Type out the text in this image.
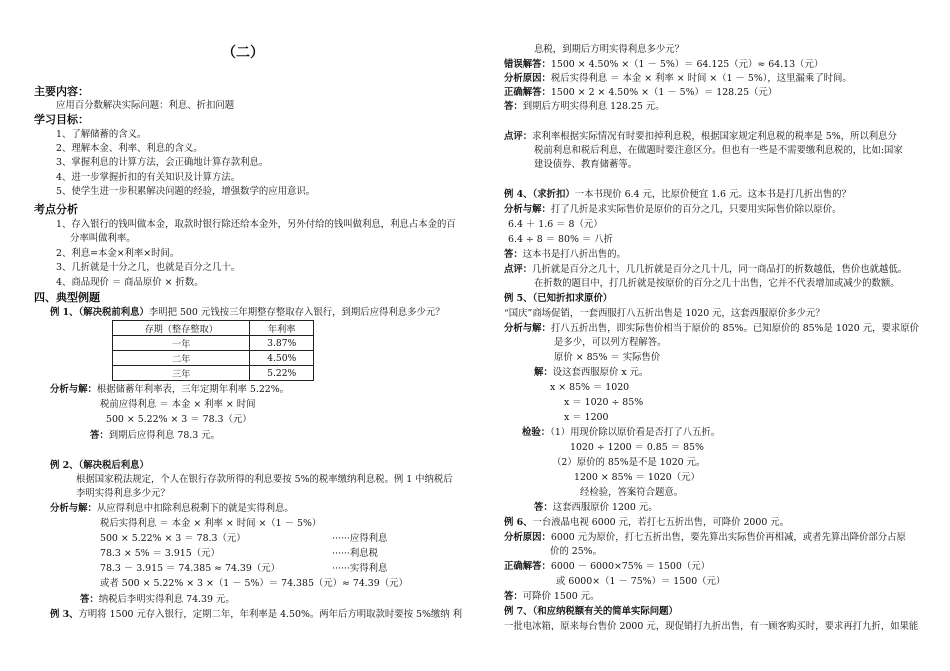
（二）
主要内容：
应用百分数解决实际问题：利息、折扣问题
学习目标：
1、了解储蓄的含义。
2、理解本金、利率、利息的含义。
3、掌握利息的计算方法，会正确地计算存款利息。
4、进一步掌握折扣的有关知识及计算方法。
5、使学生进一步积累解决问题的经验，增强数学的应用意识。
考点分析
1、存入银行的钱叫做本金，取款时银行除还给本金外，另外付给的钱叫做利息，利息占本金的百
分率叫做利率。
2、利息=本金×利率×时间。
3、几折就是十分之几，也就是百分之几十。
4、商品现价 ＝ 商品原价 × 折数。
四、典型例题
例 1、（解决税前利息）李明把 500 元钱按三年期整存整取存入银行，到期后应得利息多少元？
存期（整存整取）	年利率
一年	3.87%
二年	4.50%
三年	5.22%
分析与解：根据储蓄年利率表，三年定期年利率 5.22%。
税前应得利息 ＝ 本金 × 利率 × 时间
500 × 5.22% × 3 ＝ 78.3（元）
答：到期后应得利息 78.3 元。
例 2、（解决税后利息）
根据国家税法规定，个人在银行存款所得的利息要按 5%的税率缴纳利息税。例 1 中纳税后
李明实得利息多少元？
分析与解：从应得利息中扣除利息税剩下的就是实得利息。
税后实得利息 ＝ 本金 × 利率 × 时间 ×（1 － 5%）
500 × 5.22% × 3 ＝ 78.3（元）	······应得利息
78.3 × 5% ＝ 3.915（元）	······利息税
78.3 － 3.915 ＝ 74.385 ≈ 74.39（元）	······实得利息
或者 500 × 5.22% × 3 ×（1 － 5%）＝ 74.385（元）≈ 74.39（元）
答：纳税后李明实得利息 74.39 元。
例 3、方明将 1500 元存入银行，定期二年，年利率是 4.50%。两年后方明取款时要按 5%缴纳 利
息税，到期后方明实得利息多少元？
错误解答：1500 × 4.50% ×（1 － 5%）＝ 64.125（元）≈ 64.13（元）
分析原因：税后实得利息 ＝ 本金 × 利率 × 时间 ×（1 － 5%），这里漏乘了时间。
正确解答：1500 × 2 × 4.50% ×（1 － 5%）＝ 128.25（元）
答：到期后方明实得利息 128.25 元。
点评：求利率根据实际情况有时要扣掉利息税，根据国家规定利息税的税率是 5%，所以利息分
税前利息和税后利息，在做题时要注意区分。但也有一些是不需要缴利息税的，比如:国家
建设债券、教育储蓄等。
例 4、（求折扣）一本书现价 6.4 元，比原价便宜 1.6 元。这本书是打几折出售的？
分析与解：打了几折是求实际售价是原价的百分之几，只要用实际售价除以原价。
6.4 ＋ 1.6 ＝ 8（元）
6.4 ÷ 8 ＝ 80% ＝ 八折
答：这本书是打八折出售的。
点评：几折就是百分之几十，几几折就是百分之几十几，同一商品打的折数越低，售价也就越低。
在折数的题目中，打几折就是按原价的百分之几十出售，它并不代表增加或减少的数额。
例 5、（已知折扣求原价）
“国庆”商场促销，一套西服打八五折出售是 1020 元，这套西服原价多少元？
分析与解：打八五折出售，即实际售价相当于原价的 85%。已知原价的 85%是 1020 元，要求原价
是多少，可以列方程解答。
原价 × 85% ＝ 实际售价
解：设这套西服原价 x 元。
x × 85% ＝ 1020
x ＝ 1020 ÷ 85%
x ＝ 1200
检验：（1）用现价除以原价看是否打了八五折。
1020 ÷ 1200 ＝ 0.85 ＝ 85%
（2）原价的 85%是不是 1020 元。
1200 × 85% ＝ 1020（元）
经检验，答案符合题意。
答：这套西服原价 1200 元。
例 6、一台液晶电视 6000 元，若打七五折出售，可降价 2000 元。
分析原因：6000 元为原价，打七五折出售，要先算出实际售价再相减，或者先算出降价部分占原
价的 25%。
正确解答：6000 － 6000×75% ＝ 1500（元）
或 6000×（1 － 75%）＝ 1500（元）
答：可降价 1500 元。
例 7、（和应纳税额有关的简单实际问题）
一批电冰箱，原来每台售价 2000 元，现促销打九折出售，有一顾客购买时，要求再打九折，如果能
